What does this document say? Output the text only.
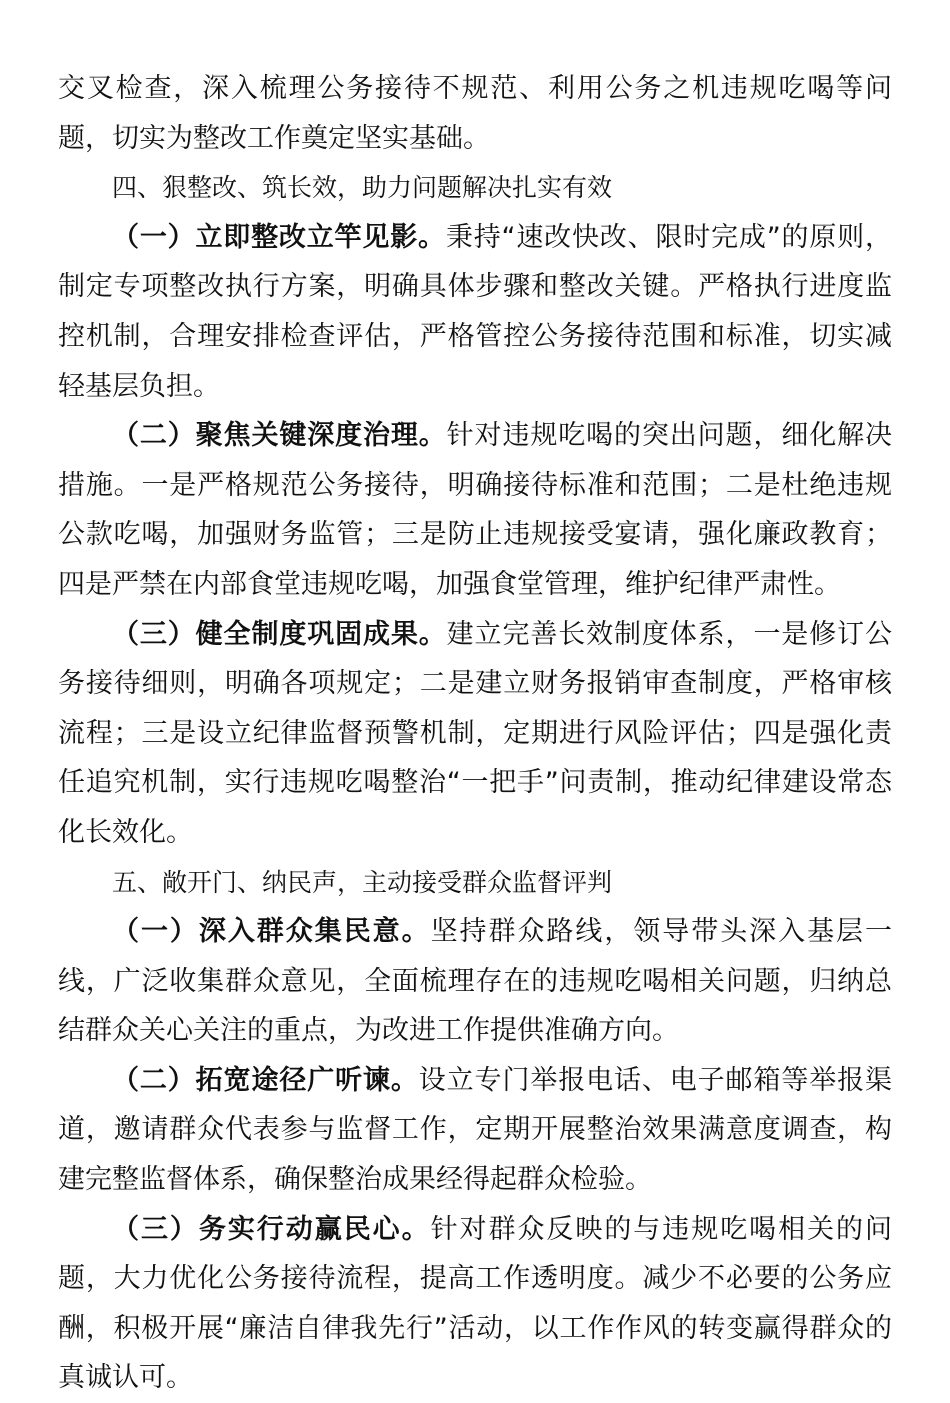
交叉检查，深入梳理公务接待不规范、利用公务之机违规吃喝等问题，切实为整改工作奠定坚实基础。

四、狠整改、筑长效，助力问题解决扎实有效

（一）立即整改立竿见影。秉持“速改快改、限时完成”的原则，制定专项整改执行方案，明确具体步骤和整改关键。严格执行进度监控机制，合理安排检查评估，严格管控公务接待范围和标准，切实减轻基层负担。

（二）聚焦关键深度治理。针对违规吃喝的突出问题，细化解决措施。一是严格规范公务接待，明确接待标准和范围；二是杜绝违规公款吃喝，加强财务监管；三是防止违规接受宴请，强化廉政教育；四是严禁在内部食堂违规吃喝，加强食堂管理，维护纪律严肃性。

（三）健全制度巩固成果。建立完善长效制度体系，一是修订公务接待细则，明确各项规定；二是建立财务报销审查制度，严格审核流程；三是设立纪律监督预警机制，定期进行风险评估；四是强化责任追究机制，实行违规吃喝整治“一把手”问责制，推动纪律建设常态化长效化。

五、敞开门、纳民声，主动接受群众监督评判

（一）深入群众集民意。坚持群众路线，领导带头深入基层一线，广泛收集群众意见，全面梳理存在的违规吃喝相关问题，归纳总结群众关心关注的重点，为改进工作提供准确方向。

（二）拓宽途径广听谏。设立专门举报电话、电子邮箱等举报渠道，邀请群众代表参与监督工作，定期开展整治效果满意度调查，构建完整监督体系，确保整治成果经得起群众检验。

（三）务实行动赢民心。针对群众反映的与违规吃喝相关的问题，大力优化公务接待流程，提高工作透明度。减少不必要的公务应酬，积极开展“廉洁自律我先行”活动，以工作作风的转变赢得群众的真诚认可。
